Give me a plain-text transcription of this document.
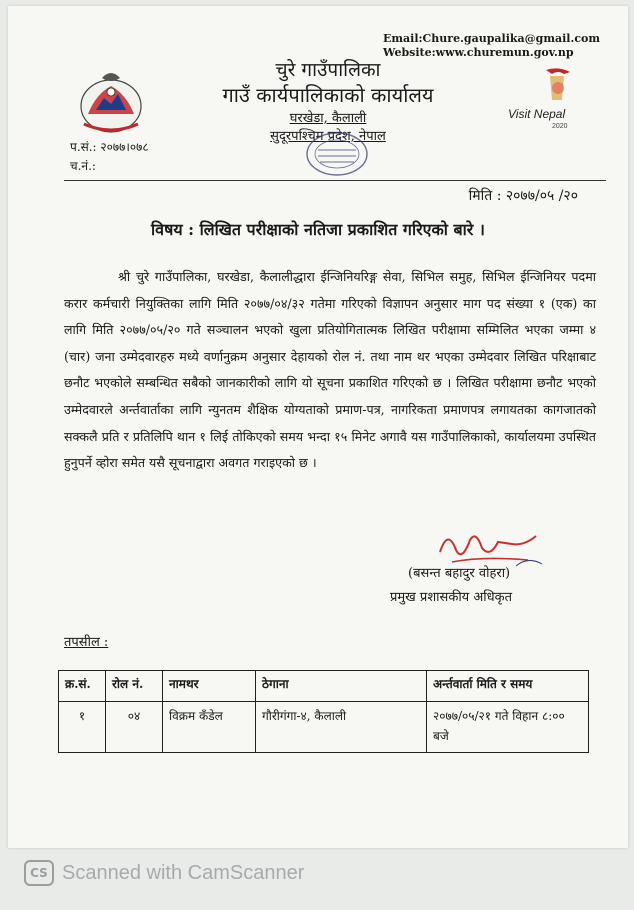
Email:Chure.gaupalika@gmail.com
Website:www.churemun.gov.np
चुरे गाउँपालिका
गाउँ कार्यपालिकाको कार्यालय
घरखेडा, कैलाली
सुदूरपश्चिम प्रदेश, नेपाल
Visit Nepal
2020
प.सं.: २०७७।०७८
च.नं.:
मिति : २०७७/०५ /२०
विषय : लिखित परीक्षाको नतिजा प्रकाशित गरिएको बारे ।
श्री चुरे गाउँपालिका, घरखेडा, कैलालीद्धारा ईन्जिनियरिङ्ग सेवा, सिभिल समुह, सिभिल ईन्जिनियर पदमा करार कर्मचारी नियुक्तिका लागि मिति २०७७/०४/३२ गतेमा गरिएको विज्ञापन अनुसार माग पद संख्या १ (एक) का लागि मिति २०७७/०५/२० गते सञ्चालन भएको खुला प्रतियोगितात्मक लिखित परीक्षामा सम्मिलित भएका जम्मा ४ (चार) जना उम्मेदवारहरु मध्ये वर्णानुक्रम अनुसार देहायको रोल नं. तथा नाम थर भएका उम्मेदवार लिखित परिक्षाबाट छनौट भएकोले सम्बन्धित सबैको जानकारीको लागि यो सूचना प्रकाशित गरिएको छ । लिखित परीक्षामा छनौट भएको उम्मेदवारले अर्न्तवार्ताका लागि न्युनतम शैक्षिक योग्यताको प्रमाण-पत्र, नागरिकता प्रमाणपत्र लगायतका कागजातको सक्कलै प्रति र प्रतिलिपि थान १ लिई तोकिएको समय भन्दा १५ मिनेट अगावै यस गाउँपालिकाको, कार्यालयमा उपस्थित हुनुपर्ने व्होरा समेत यसै सूचनाद्वारा अवगत गराइएको छ ।
(बसन्त बहादुर वोहरा)
प्रमुख प्रशासकीय अधिकृत
तपसील :
क्र.सं.	रोल नं.	नामथर	ठेगाना	अर्न्तवार्ता मिति र समय
१	०४	विक्रम कँडेल	गौरीगंगा-४, कैलाली	२०७७/०५/२१ गते विहान ८:०० बजे
CS Scanned with CamScanner
